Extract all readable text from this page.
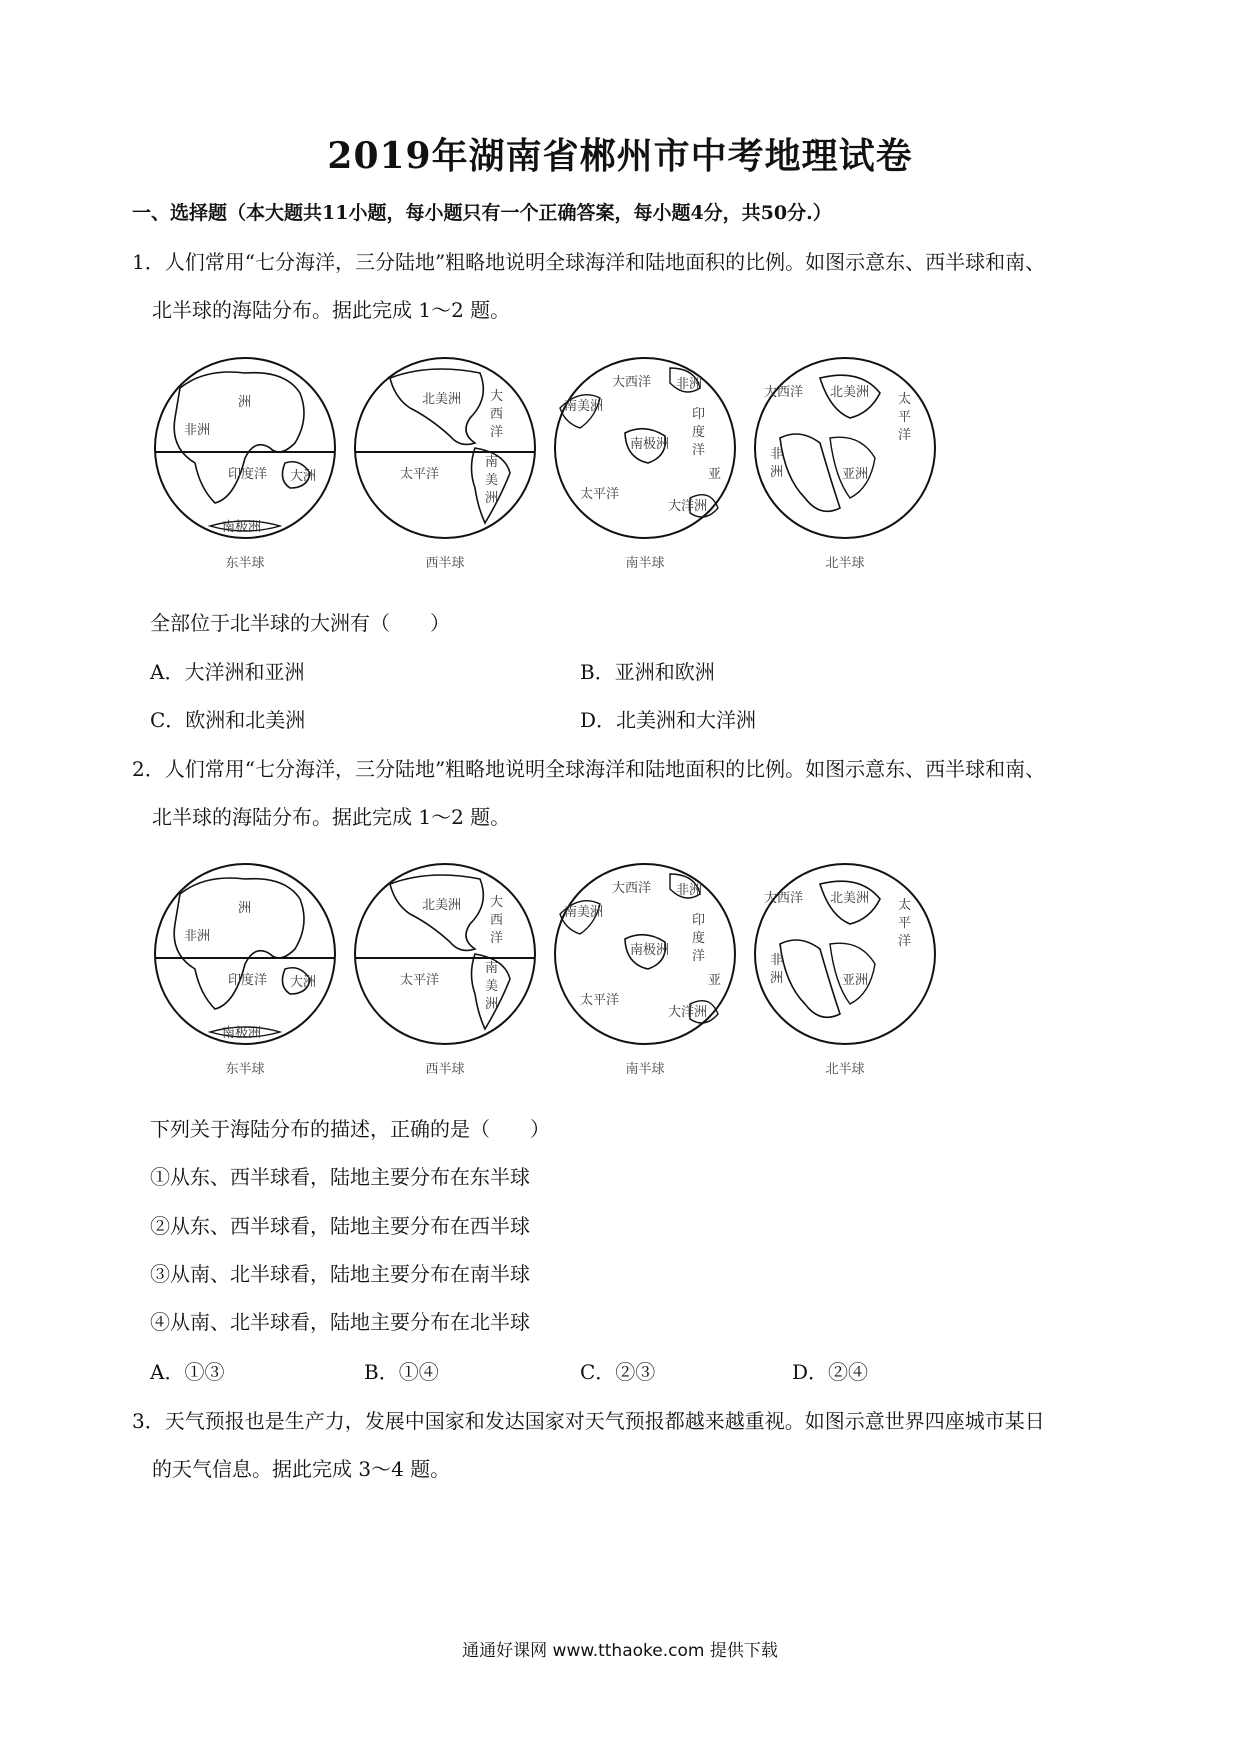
2019年湖南省郴州市中考地理试卷
一、选择题（本大题共11小题，每小题只有一个正确答案，每小题4分，共50分.）
1．人们常用“七分海洋，三分陆地”粗略地说明全球海洋和陆地面积的比例。如图示意东、西半球和南、
北半球的海陆分布。据此完成 1～2 题。
洲
非洲
印度洋 大洲
南极洲
东半球
北美洲 大
西
洋
太平洋
南
美
洲
西半球
大西洋 非洲
南美洲
南极洲
印
度
洋
太平洋
大洋洲
亚
南半球
大西洋 北美洲 太
平
洋
非
洲	亚洲
北半球
全部位于北半球的大洲有（　　）
A．大洋洲和亚洲	B．亚洲和欧洲
C．欧洲和北美洲	D．北美洲和大洋洲
2．人们常用“七分海洋，三分陆地”粗略地说明全球海洋和陆地面积的比例。如图示意东、西半球和南、
北半球的海陆分布。据此完成 1～2 题。
洲
非洲
印度洋 大洲
南极洲
东半球
北美洲 大
西
洋
太平洋
南
美
洲
西半球
大西洋 非洲
南美洲
南极洲
印
度
洋
太平洋
大洋洲
亚
南半球
大西洋 北美洲 太
平
洋
非
洲	亚洲
北半球
下列关于海陆分布的描述，正确的是（　　）
①从东、西半球看，陆地主要分布在东半球
②从东、西半球看，陆地主要分布在西半球
③从南、北半球看，陆地主要分布在南半球
④从南、北半球看，陆地主要分布在北半球
A．①③	B．①④	C．②③	D．②④
3．天气预报也是生产力，发展中国家和发达国家对天气预报都越来越重视。如图示意世界四座城市某日
的天气信息。据此完成 3～4 题。
通通好课网 www.tthaoke.com 提供下载
